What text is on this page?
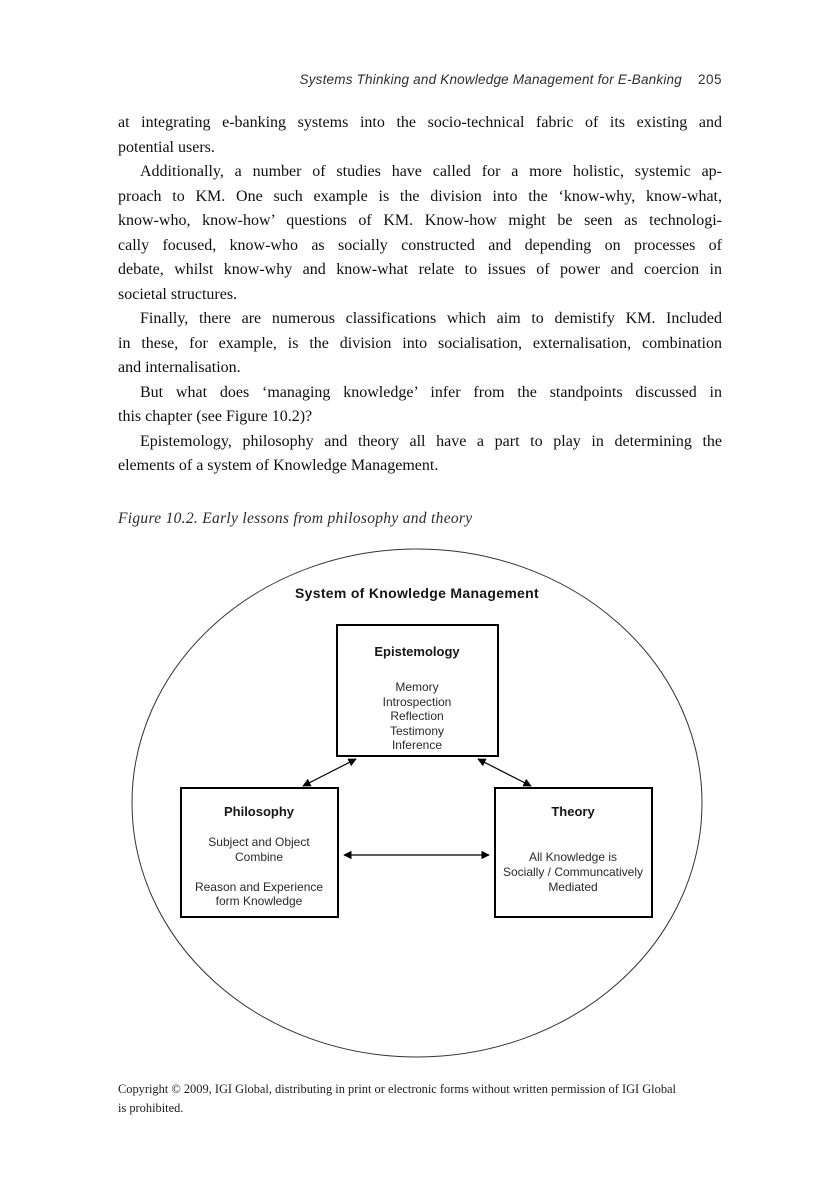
Systems Thinking and Knowledge Management for E-Banking 205
at integrating e-banking systems into the socio-technical fabric of its existing and
potential users.
Additionally, a number of studies have called for a more holistic, systemic ap-
proach to KM. One such example is the division into the ‘know-why, know-what,
know-who, know-how’ questions of KM. Know-how might be seen as technologi-
cally focused, know-who as socially constructed and depending on processes of
debate, whilst know-why and know-what relate to issues of power and coercion in
societal structures.
Finally, there are numerous classifications which aim to demistify KM. Included
in these, for example, is the division into socialisation, externalisation, combination
and internalisation.
But what does ‘managing knowledge’ infer from the standpoints discussed in
this chapter (see Figure 10.2)?
Epistemology, philosophy and theory all have a part to play in determining the
elements of a system of Knowledge Management.
Figure 10.2. Early lessons from philosophy and theory
System of Knowledge Management
Epistemology
Memory
Introspection
Reflection
Testimony
Inference
Philosophy
Subject and Object
Combine
Reason and Experience
form Knowledge
Theory
All Knowledge is
Socially / Communcatively
Mediated
Copyright © 2009, IGI Global, distributing in print or electronic forms without written permission of IGI Global
is prohibited.
